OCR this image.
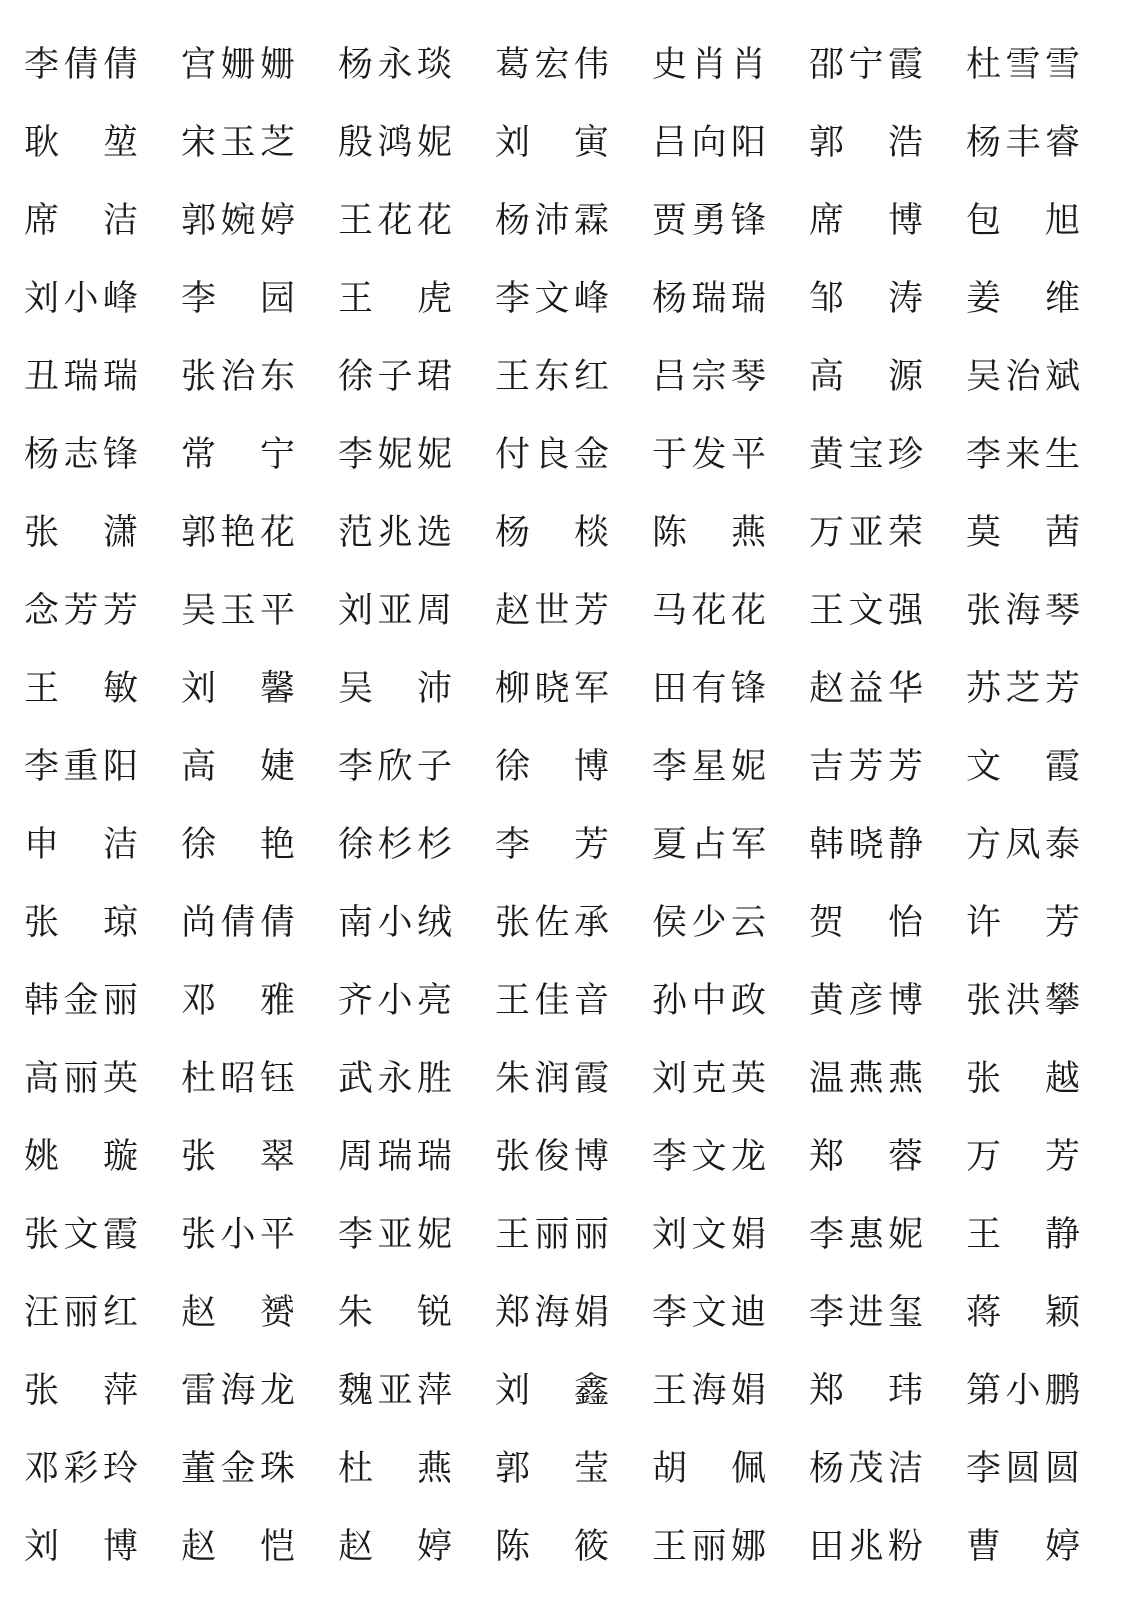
李 倩 倩 宫 姗 姗 杨 永 琰 葛 宏 伟 史 肖 肖 邵 宁 霞 杜 雪 雪
耿
　 堃 宋 玉 芝 殷 鸿 妮 刘
　 寅 吕 向 阳 郭
　 浩 杨 丰 睿
席
　 洁 郭 婉 婷 王 花 花 杨 沛 霖 贾 勇 锋 席
　 博 包
　 旭
刘 小 峰 李
　 园 王
　 虎 李 文 峰 杨 瑞 瑞 邹
　 涛 姜
　 维
丑 瑞 瑞 张 治 东 徐 子 珺 王 东 红 吕 宗 琴 高
　 源 吴 治 斌
杨 志 锋 常
　 宁 李 妮 妮 付 良 金 于 发 平 黄 宝 珍 李 来 生
张
　 潇 郭 艳 花 范 兆 选 杨
　 棪 陈
　 燕 万 亚 荣 莫
　 茜
念 芳 芳 吴 玉 平 刘 亚 周 赵 世 芳 马 花 花 王 文 强 张 海 琴
王
　 敏 刘
　 馨 吴
　 沛 柳 晓 军 田 有 锋 赵 益 华 苏 芝 芳
李 重 阳 高
　 婕 李 欣 子 徐
　 博 李 星 妮 吉 芳 芳 文
　 霞
申
　 洁 徐
　 艳 徐 杉 杉 李
　 芳 夏 占 军 韩 晓 静 方 凤 泰
张
　 琼 尚 倩 倩 南 小 绒 张 佐 承 侯 少 云 贺
　 怡 许
　 芳
韩 金 丽 邓
　 雅 齐 小 亮 王 佳 音 孙 中 政 黄 彦 博 张 洪 攀
高 丽 英 杜 昭 钰 武 永 胜 朱 润 霞 刘 克 英 温 燕 燕 张
　 越
姚
　 璇 张
　 翠 周 瑞 瑞 张 俊 博 李 文 龙 郑
　 蓉 万
　 芳
张 文 霞 张 小 平 李 亚 妮 王 丽 丽 刘 文 娟 李 惠 妮 王
　 静
汪 丽 红 赵
　 赟 朱
　 锐 郑 海 娟 李 文 迪 李 进 玺 蒋
　 颖
张
　 萍 雷 海 龙 魏 亚 萍 刘
　 鑫 王 海 娟 郑
　 玮 第 小 鹏
邓 彩 玲 董 金 珠 杜
　 燕 郭
　 莹 胡
　 佩 杨 茂 洁 李 圆 圆
刘
　 博 赵
　 恺 赵
　 婷 陈
　 筱 王 丽 娜 田 兆 粉 曹
　 婷
